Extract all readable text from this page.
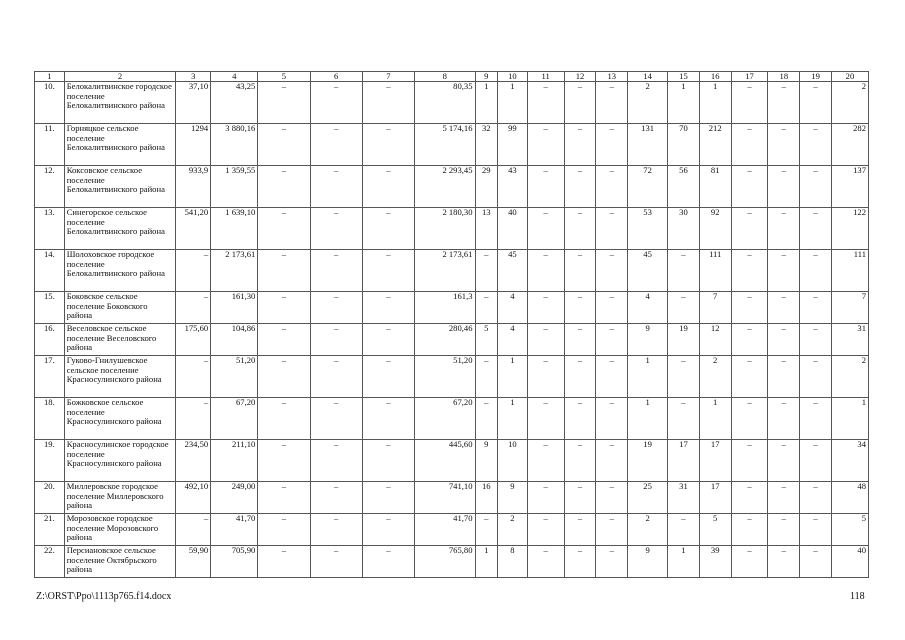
1	2	3	4	5	6	7	8	9	10	11	12	13	14	15	16	17	18	19	20
10.	Белокалитвинское городское поселение Белокалитвинского района	37,10	43,25	–	–	–	80,35	1	1	–	–	–	2	1	1	–	–	–	2
11.	Горняцкое сельское поселение Белокалитвинского района	1294	3 880,16	–	–	–	5 174,16	32	99	–	–	–	131	70	212	–	–	–	282
12.	Коксовское сельское поселение Белокалитвинского района	933,9	1 359,55	–	–	–	2 293,45	29	43	–	–	–	72	56	81	–	–	–	137
13.	Синегорское сельское поселение Белокалитвинского района	541,20	1 639,10	–	–	–	2 180,30	13	40	–	–	–	53	30	92	–	–	–	122
14.	Шолоховское городское поселение Белокалитвинского района	–	2 173,61	–	–	–	2 173,61	–	45	–	–	–	45	–	111	–	–	–	111
15.	Боковское сельское поселение Боковского района	–	161,30	–	–	–	161,3	–	4	–	–	–	4	–	7	–	–	–	7
16.	Веселовское сельское поселение Веселовского района	175,60	104,86	–	–	–	280,46	5	4	–	–	–	9	19	12	–	–	–	31
17.	Гуково-Гнилушевское сельское поселение Красносулинского района	–	51,20	–	–	–	51,20	–	1	–	–	–	1	–	2	–	–	–	2
18.	Божковское сельское поселение Красносулинского района	–	67,20	–	–	–	67,20	–	1	–	–	–	1	–	1	–	–	–	1
19.	Красносулинское городское поселение Красносулинского района	234,50	211,10	–	–	–	445,60	9	10	–	–	–	19	17	17	–	–	–	34
20.	Миллеровское городское поселение Миллеровского района	492,10	249,00	–	–	–	741,10	16	9	–	–	–	25	31	17	–	–	–	48
21.	Морозовское городское поселение Морозовского района	–	41,70	–	–	–	41,70	–	2	–	–	–	2	–	5	–	–	–	5
22.	Персиановское сельское поселение Октябрьского района	59,90	705,90	–	–	–	765,80	1	8	–	–	–	9	1	39	–	–	–	40
Z:\ORST\Ppo\1113p765.f14.docx	118
